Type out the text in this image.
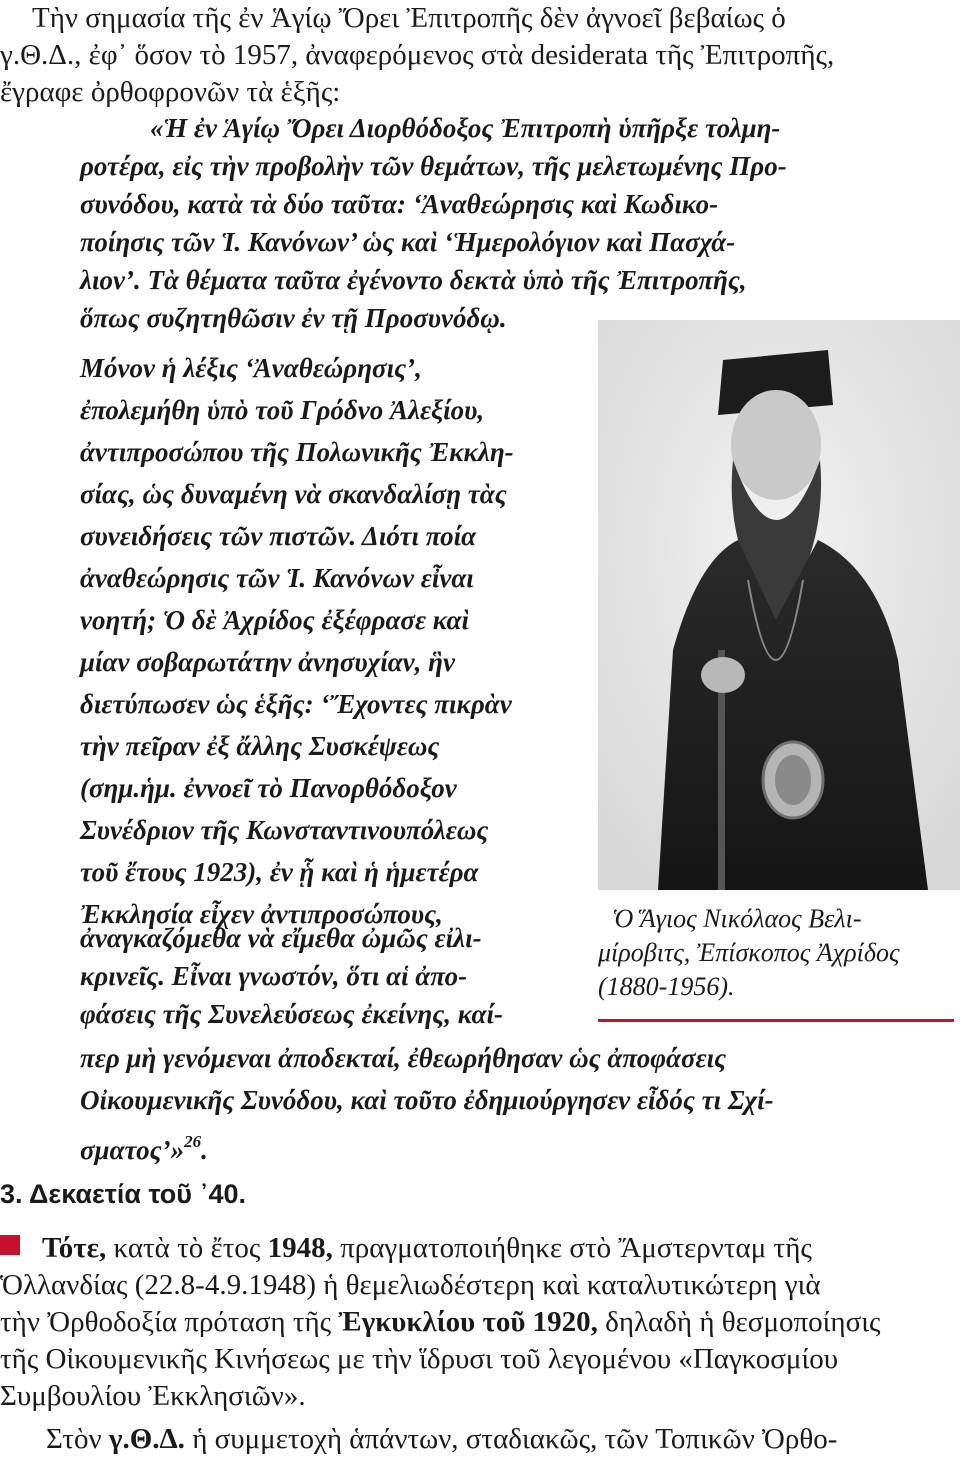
Τὴν σημασία τῆς ἐν Ἁγίῳ Ὄρει Ἐπιτροπῆς δὲν ἀγνοεῖ βεβαίως ὁ
γ.Θ.Δ., ἐφ᾽ ὅσον τὸ 1957, ἀναφερόμενος στὰ desiderata τῆς Ἐπιτροπῆς,
ἔγραφε ὀρθοφρονῶν τὰ ἑξῆς:
«Ἡ ἐν Ἁγίῳ Ὄρει Διορθόδοξος Ἐπιτροπὴ ὑπῆρξε τολμη-
ροτέρα, εἰς τὴν προβολὴν τῶν θεμάτων, τῆς μελετωμένης Προ-
συνόδου, κατὰ τὰ δύο ταῦτα: ‘Ἀναθεώρησις καὶ Κωδικο-
ποίησις τῶν Ἱ. Κανόνων’ ὡς καὶ ‘Ἡμερολόγιον καὶ Πασχά-
λιον’. Τὰ θέματα ταῦτα ἐγένοντο δεκτὰ ὑπὸ τῆς Ἐπιτροπῆς,
ὅπως συζητηθῶσιν ἐν τῇ Προσυνόδῳ.
Μόνον ἡ λέξις ‘Ἀναθεώρησις’,
ἐπολεμήθη ὑπὸ τοῦ Γρόδνο Ἀλεξίου,
ἀντιπροσώπου τῆς Πολωνικῆς Ἐκκλη-
σίας, ὡς δυναμένη νὰ σκανδαλίσῃ τὰς
συνειδήσεις τῶν πιστῶν. Διότι ποία
ἀναθεώρησις τῶν Ἱ. Κανόνων εἶναι
νοητή; Ὁ δὲ Ἀχρίδος ἐξέφρασε καὶ
μίαν σοβαρωτάτην ἀνησυχίαν, ἣν
διετύπωσεν ὡς ἑξῆς: ‘Ἔχοντες πικρὰν
τὴν πεῖραν ἐξ ἄλλης Συσκέψεως
(σημ.ἡμ. ἐννοεῖ τὸ Πανορθόδοξον
Συνέδριον τῆς Κωνσταντινουπόλεως
τοῦ ἔτους 1923), ἐν ᾗ καὶ ἡ ἡμετέρα
Ἐκκλησία εἶχεν ἀντιπροσώπους,
ἀναγκαζόμεθα νὰ εἴμεθα ὠμῶς εἰλι-
κρινεῖς. Εἶναι γνωστόν, ὅτι αἱ ἀπο-
φάσεις τῆς Συνελεύσεως ἐκείνης, καί-
περ μὴ γενόμεναι ἀποδεκταί, ἐθεωρήθησαν ὡς ἀποφάσεις
Οἰκουμενικῆς Συνόδου, καὶ τοῦτο ἐδημιούργησεν εἶδός τι Σχί-
σματος’»$^{26}$.
Ὁ Ἅγιος Νικόλαος Βελι-
μίροβιτς, Ἐπίσκοπος Ἀχρίδος
(1880-1956).
3. Δεκαετία τοῦ ᾽40.
Τότε, κατὰ τὸ ἔτος 1948, πραγματοποιήθηκε στὸ Ἄμστερνταμ τῆς
Ὁλλανδίας (22.8-4.9.1948) ἡ θεμελιωδέστερη καὶ καταλυτικώτερη γιὰ
τὴν Ὀρθοδοξία πρόταση τῆς Ἐγκυκλίου τοῦ 1920, δηλαδὴ ἡ θεσμοποίησις
τῆς Οἰκουμενικῆς Κινήσεως με τὴν ἵδρυσι τοῦ λεγομένου «Παγκοσμίου
Συμβουλίου Ἐκκλησιῶν».
Στὸν γ.Θ.Δ. ἡ συμμετοχὴ ἁπάντων, σταδιακῶς, τῶν Τοπικῶν Ὀρθο-
